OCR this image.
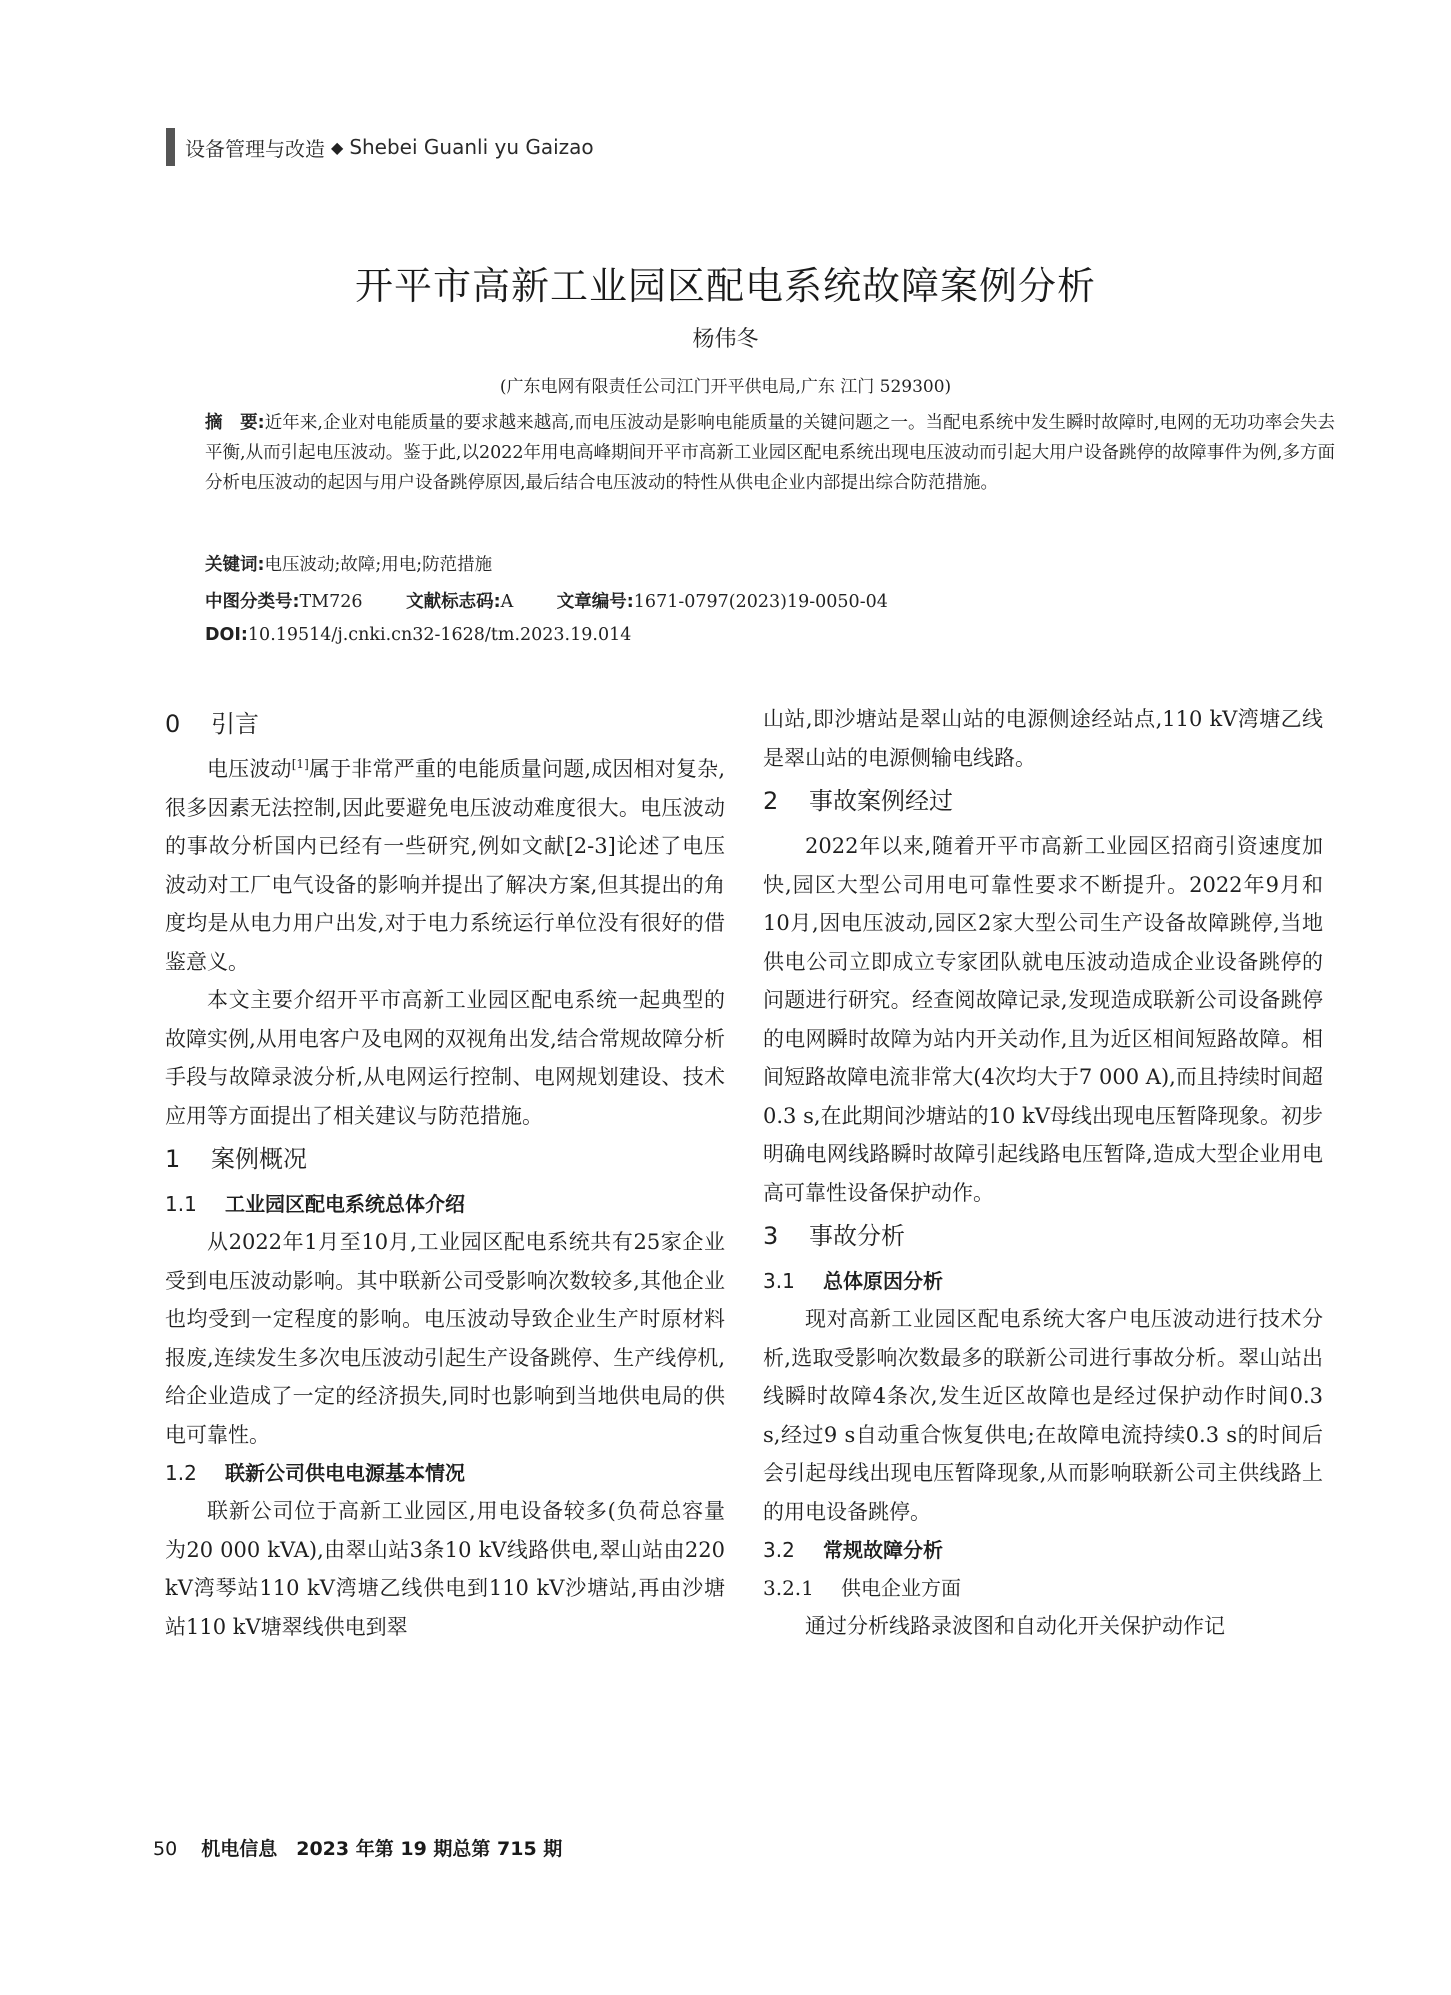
设备管理与改造 ◆ Shebei Guanli yu Gaizao
开平市高新工业园区配电系统故障案例分析
杨伟冬
(广东电网有限责任公司江门开平供电局,广东 江门 529300)
摘　要:近年来,企业对电能质量的要求越来越高,而电压波动是影响电能质量的关键问题之一。当配电系统中发生瞬时故障时,电网的无功功率会失去平衡,从而引起电压波动。鉴于此,以2022年用电高峰期间开平市高新工业园区配电系统出现电压波动而引起大用户设备跳停的故障事件为例,多方面分析电压波动的起因与用户设备跳停原因,最后结合电压波动的特性从供电企业内部提出综合防范措施。
关键词:电压波动;故障;用电;防范措施
中图分类号:TM726 文献标志码:A 文章编号:1671-0797(2023)19-0050-04
DOI:10.19514/j.cnki.cn32-1628/tm.2023.19.014
0 引言

电压波动[1]属于非常严重的电能质量问题,成因相对复杂,很多因素无法控制,因此要避免电压波动难度很大。电压波动的事故分析国内已经有一些研究,例如文献[2-3]论述了电压波动对工厂电气设备的影响并提出了解决方案,但其提出的角度均是从电力用户出发,对于电力系统运行单位没有很好的借鉴意义。

本文主要介绍开平市高新工业园区配电系统一起典型的故障实例,从用电客户及电网的双视角出发,结合常规故障分析手段与故障录波分析,从电网运行控制、电网规划建设、技术应用等方面提出了相关建议与防范措施。

1 案例概况
1.1 工业园区配电系统总体介绍

从2022年1月至10月,工业园区配电系统共有25家企业受到电压波动影响。其中联新公司受影响次数较多,其他企业也均受到一定程度的影响。电压波动导致企业生产时原材料报废,连续发生多次电压波动引起生产设备跳停、生产线停机,给企业造成了一定的经济损失,同时也影响到当地供电局的供电可靠性。

1.2 联新公司供电电源基本情况

联新公司位于高新工业园区,用电设备较多(负荷总容量为20 000 kVA),由翠山站3条10 kV线路供电,翠山站由220 kV湾琴站110 kV湾塘乙线供电到110 kV沙塘站,再由沙塘站110 kV塘翠线供电到翠

山站,即沙塘站是翠山站的电源侧途经站点,110 kV湾塘乙线是翠山站的电源侧输电线路。

2 事故案例经过

2022年以来,随着开平市高新工业园区招商引资速度加快,园区大型公司用电可靠性要求不断提升。2022年9月和10月,因电压波动,园区2家大型公司生产设备故障跳停,当地供电公司立即成立专家团队就电压波动造成企业设备跳停的问题进行研究。经查阅故障记录,发现造成联新公司设备跳停的电网瞬时故障为站内开关动作,且为近区相间短路故障。相间短路故障电流非常大(4次均大于7 000 A),而且持续时间超0.3 s,在此期间沙塘站的10 kV母线出现电压暂降现象。初步明确电网线路瞬时故障引起线路电压暂降,造成大型企业用电高可靠性设备保护动作。

3 事故分析
3.1 总体原因分析

现对高新工业园区配电系统大客户电压波动进行技术分析,选取受影响次数最多的联新公司进行事故分析。翠山站出线瞬时故障4条次,发生近区故障也是经过保护动作时间0.3 s,经过9 s自动重合恢复供电;在故障电流持续0.3 s的时间后会引起母线出现电压暂降现象,从而影响联新公司主供线路上的用电设备跳停。

3.2 常规故障分析
3.2.1 供电企业方面

通过分析线路录波图和自动化开关保护动作记

50 机电信息　2023 年第 19 期总第 715 期
